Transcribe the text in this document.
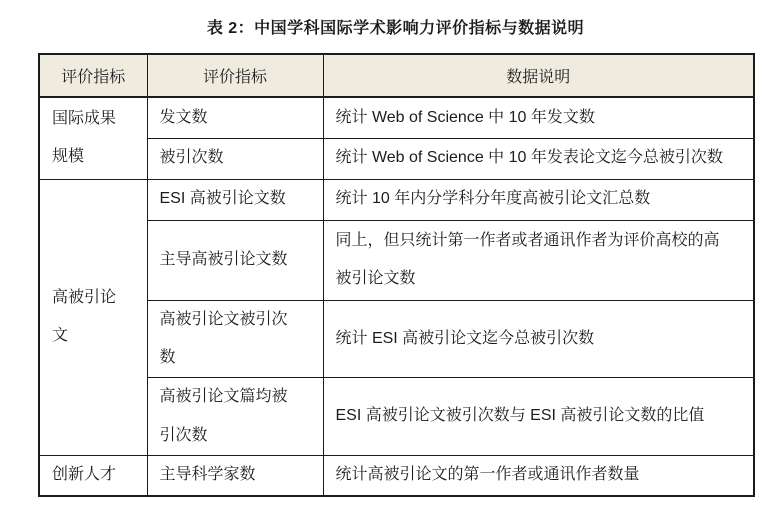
表 2：中国学科国际学术影响力评价指标与数据说明
评价指标	评价指标	数据说明
国际成果规模	发文数	统计 Web of Science 中 10 年发文数
	被引次数	统计 Web of Science 中 10 年发表论文迄今总被引次数
高被引论文	ESI 高被引论文数	统计 10 年内分学科分年度高被引论文汇总数
	主导高被引论文数	同上，但只统计第一作者或者通讯作者为评价高校的高被引论文数
	高被引论文被引次数	统计 ESI 高被引论文迄今总被引次数
	高被引论文篇均被引次数	ESI 高被引论文被引次数与 ESI 高被引论文数的比值
创新人才	主导科学家数	统计高被引论文的第一作者或通讯作者数量
